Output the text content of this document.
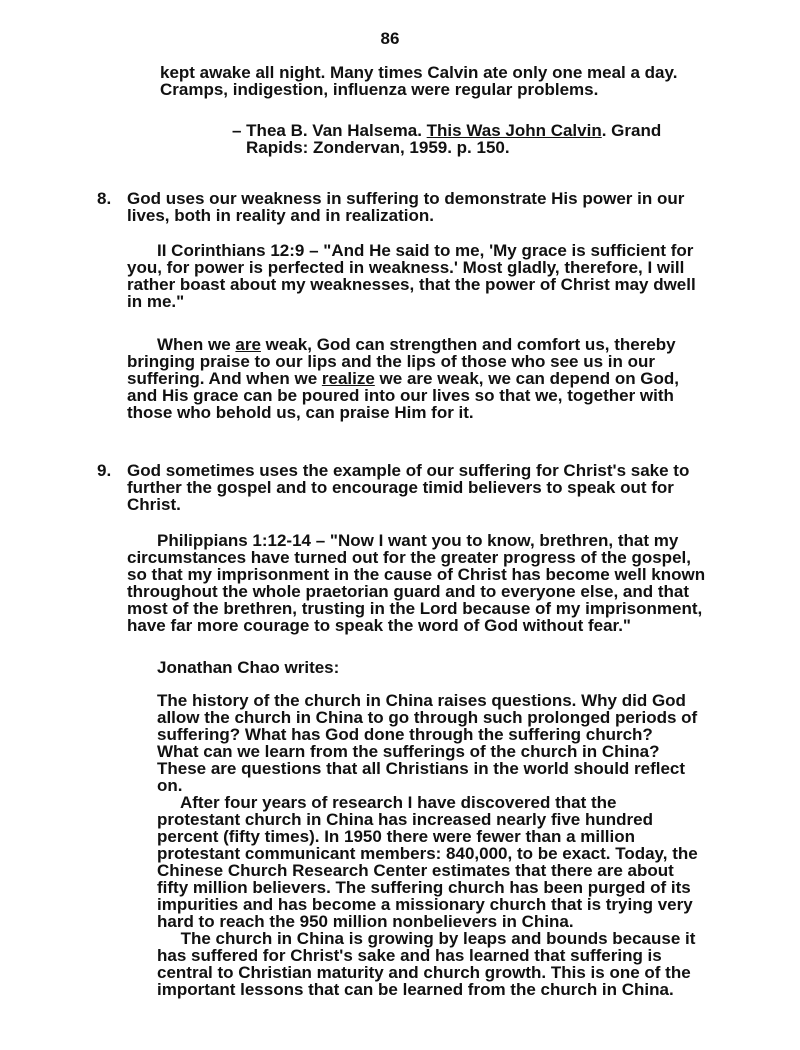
86
kept awake all night. Many times Calvin ate only one meal a day.
Cramps, indigestion, influenza were regular problems.
– Thea B. Van Halsema. This Was John Calvin. Grand
Rapids: Zondervan, 1959. p. 150.
8. God uses our weakness in suffering to demonstrate His power in our
lives, both in reality and in realization.
II Corinthians 12:9 – "And He said to me, 'My grace is sufficient for
you, for power is perfected in weakness.' Most gladly, therefore, I will
rather boast about my weaknesses, that the power of Christ may dwell
in me."
When we are weak, God can strengthen and comfort us, thereby
bringing praise to our lips and the lips of those who see us in our
suffering. And when we realize we are weak, we can depend on God,
and His grace can be poured into our lives so that we, together with
those who behold us, can praise Him for it.
9. God sometimes uses the example of our suffering for Christ's sake to
further the gospel and to encourage timid believers to speak out for
Christ.
Philippians 1:12-14 – "Now I want you to know, brethren, that my
circumstances have turned out for the greater progress of the gospel,
so that my imprisonment in the cause of Christ has become well known
throughout the whole praetorian guard and to everyone else, and that
most of the brethren, trusting in the Lord because of my imprisonment,
have far more courage to speak the word of God without fear."
Jonathan Chao writes:
The history of the church in China raises questions. Why did God
allow the church in China to go through such prolonged periods of
suffering? What has God done through the suffering church?
What can we learn from the sufferings of the church in China?
These are questions that all Christians in the world should reflect
on.
After four years of research I have discovered that the
protestant church in China has increased nearly five hundred
percent (fifty times). In 1950 there were fewer than a million
protestant communicant members: 840,000, to be exact. Today, the
Chinese Church Research Center estimates that there are about
fifty million believers. The suffering church has been purged of its
impurities and has become a missionary church that is trying very
hard to reach the 950 million nonbelievers in China.
The church in China is growing by leaps and bounds because it
has suffered for Christ's sake and has learned that suffering is
central to Christian maturity and church growth. This is one of the
important lessons that can be learned from the church in China.
